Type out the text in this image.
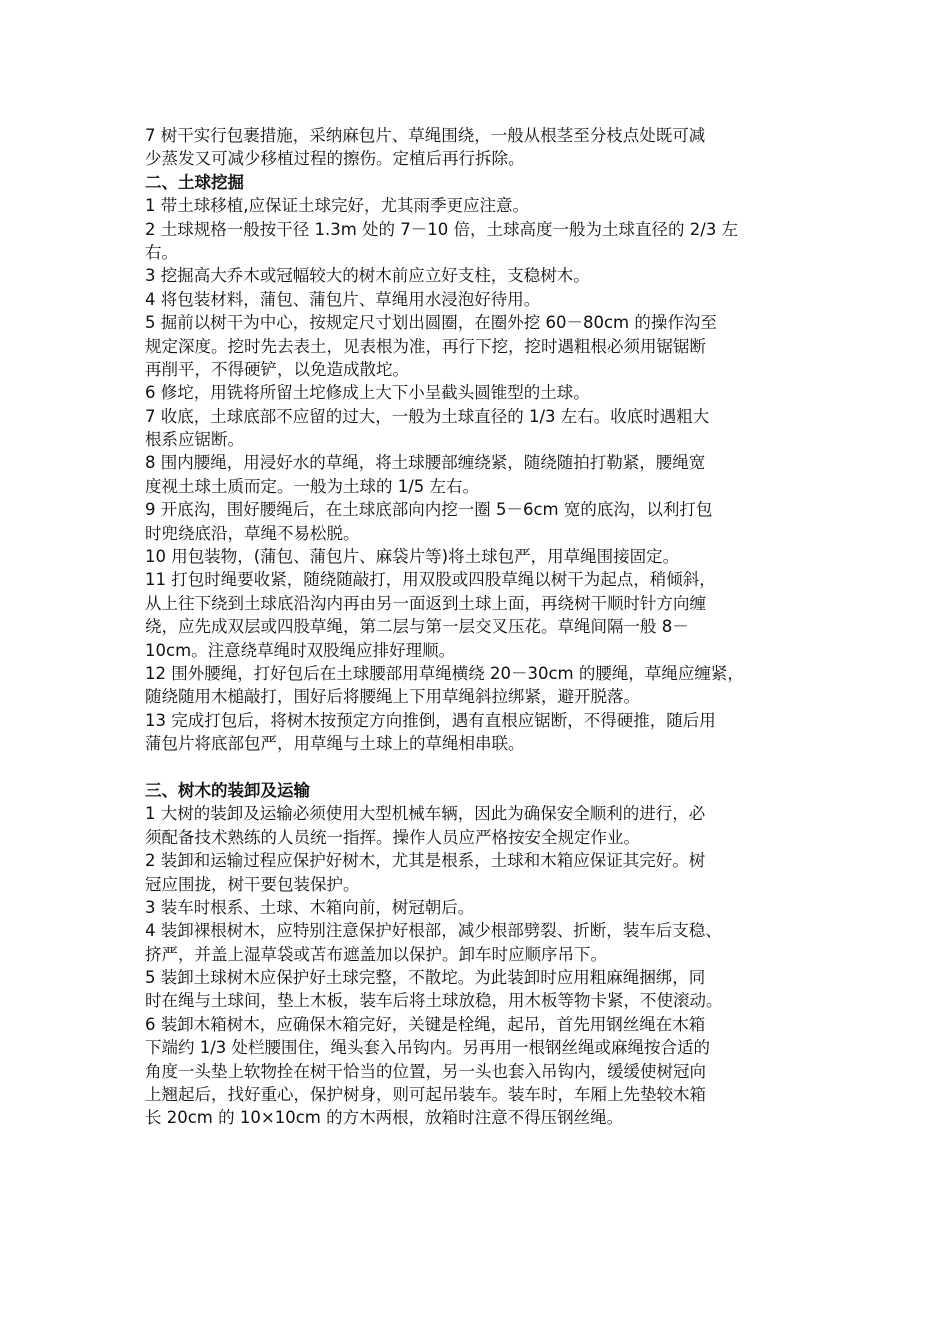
7 树干实行包裹措施，采纳麻包片、草绳围绕，一般从根茎至分枝点处既可减
少蒸发又可减少移植过程的擦伤。定植后再行拆除。
二、土球挖掘
1 带土球移植,应保证土球完好，尤其雨季更应注意。
2 土球规格一般按干径 1.3m 处的 7－10 倍，土球高度一般为土球直径的 2/3 左
右。
3 挖掘高大乔木或冠幅较大的树木前应立好支柱，支稳树木。
4 将包装材料，蒲包、蒲包片、草绳用水浸泡好待用。
5 掘前以树干为中心，按规定尺寸划出圆圈，在圈外挖 60－80cm 的操作沟至
规定深度。挖时先去表土，见表根为准，再行下挖，挖时遇粗根必须用锯锯断
再削平，不得硬铲，以免造成散坨。
6 修坨，用铣将所留土坨修成上大下小呈截头圆锥型的土球。
7 收底，土球底部不应留的过大，一般为土球直径的 1/3 左右。收底时遇粗大
根系应锯断。
8 围内腰绳，用浸好水的草绳，将土球腰部缠绕紧，随绕随拍打勒紧，腰绳宽
度视土球土质而定。一般为土球的 1/5 左右。
9 开底沟，围好腰绳后，在土球底部向内挖一圈 5－6cm 宽的底沟，以利打包
时兜绕底沿，草绳不易松脱。
10 用包装物，(蒲包、蒲包片、麻袋片等)将土球包严，用草绳围接固定。
11 打包时绳要收紧，随绕随敲打，用双股或四股草绳以树干为起点，稍倾斜，
从上往下绕到土球底沿沟内再由另一面返到土球上面，再绕树干顺时针方向缠
绕，应先成双层或四股草绳，第二层与第一层交叉压花。草绳间隔一般 8－
10cm。注意绕草绳时双股绳应排好理顺。
12 围外腰绳，打好包后在土球腰部用草绳横绕 20－30cm 的腰绳，草绳应缠紧，
随绕随用木槌敲打，围好后将腰绳上下用草绳斜拉绑紧，避开脱落。
13 完成打包后，将树木按预定方向推倒，遇有直根应锯断，不得硬推，随后用
蒲包片将底部包严，用草绳与土球上的草绳相串联。
三、树木的装卸及运输
1 大树的装卸及运输必须使用大型机械车辆，因此为确保安全顺利的进行，必
须配备技术熟练的人员统一指挥。操作人员应严格按安全规定作业。
2 装卸和运输过程应保护好树木，尤其是根系，土球和木箱应保证其完好。树
冠应围拢，树干要包装保护。
3 装车时根系、土球、木箱向前，树冠朝后。
4 装卸裸根树木，应特别注意保护好根部，减少根部劈裂、折断，装车后支稳、
挤严，并盖上湿草袋或苫布遮盖加以保护。卸车时应顺序吊下。
5 装卸土球树木应保护好土球完整，不散坨。为此装卸时应用粗麻绳捆绑，同
时在绳与土球间，垫上木板，装车后将土球放稳，用木板等物卡紧，不使滚动。
6 装卸木箱树木，应确保木箱完好，关键是栓绳，起吊，首先用钢丝绳在木箱
下端约 1/3 处栏腰围住，绳头套入吊钩内。另再用一根钢丝绳或麻绳按合适的
角度一头垫上软物拴在树干恰当的位置，另一头也套入吊钩内，缓缓使树冠向
上翘起后，找好重心，保护树身，则可起吊装车。装车时，车厢上先垫较木箱
长 20cm 的 10×10cm 的方木两根，放箱时注意不得压钢丝绳。
